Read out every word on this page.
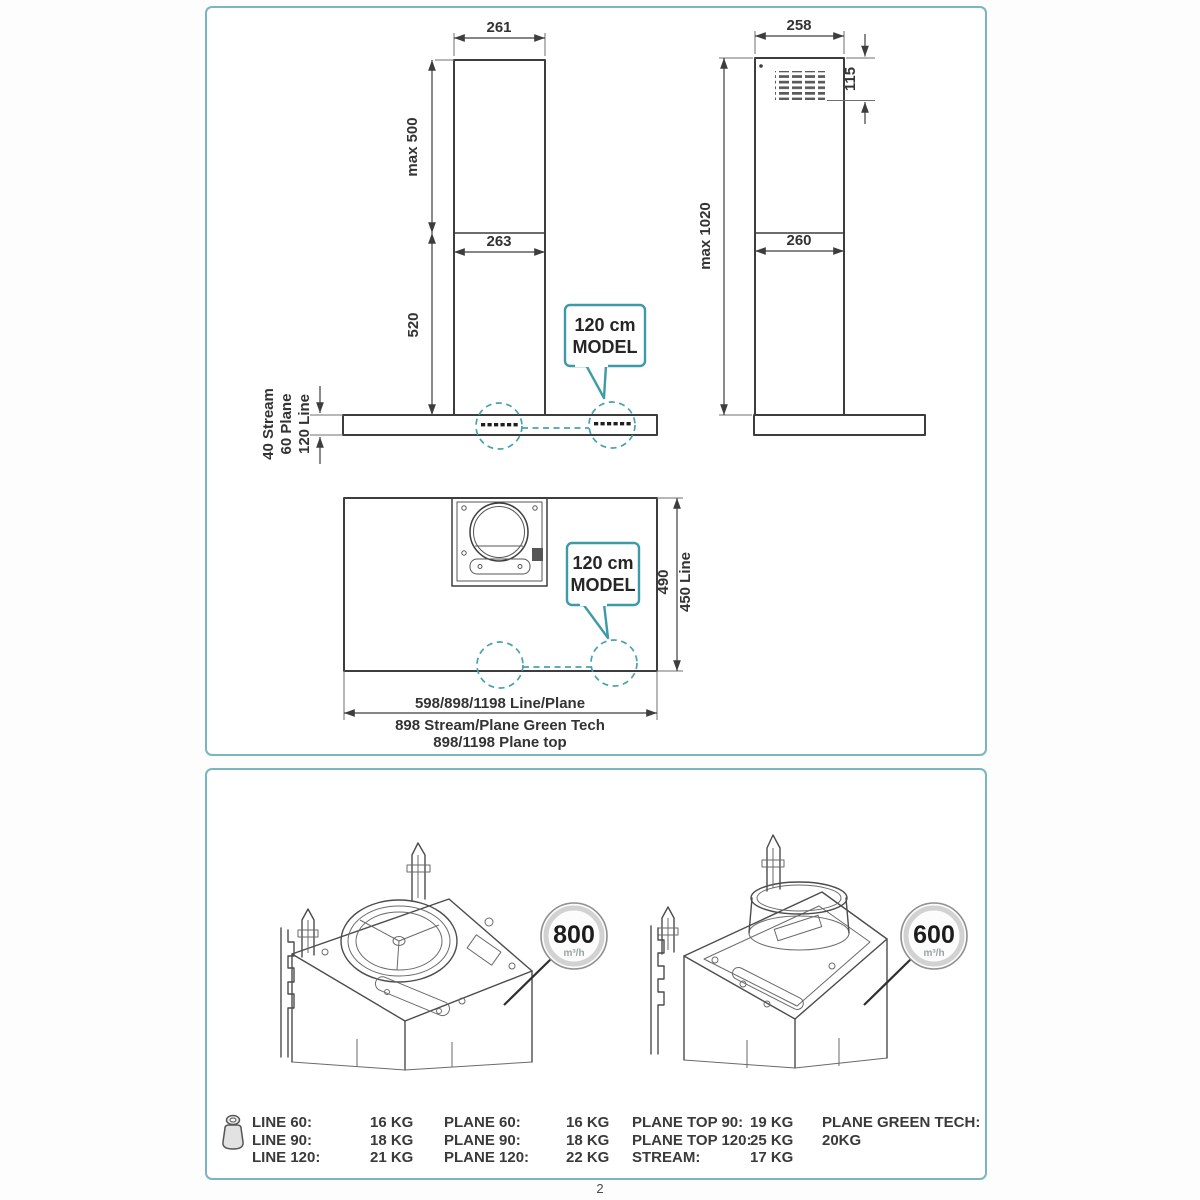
261
max 500
263
520
40 Stream 60 Plane 120 Line
120 cm
MODEL
258
115
max 1020	260
490 450 Line
120 cm
MODEL
598/898/1198 Line/Plane
898 Stream/Plane Green Tech
898/1198 Plane top
800
m³/h
600
m³/h
LINE 60:	16 KG
LINE 90:	18 KG
LINE 120:	21 KG
PLANE 60:	16 KG
PLANE 90:	18 KG
PLANE 120:	22 KG
PLANE TOP 90: 19 KG
PLANE TOP 120:
25 KG
STREAM:	17 KG
PLANE GREEN TECH:
20KG
2
